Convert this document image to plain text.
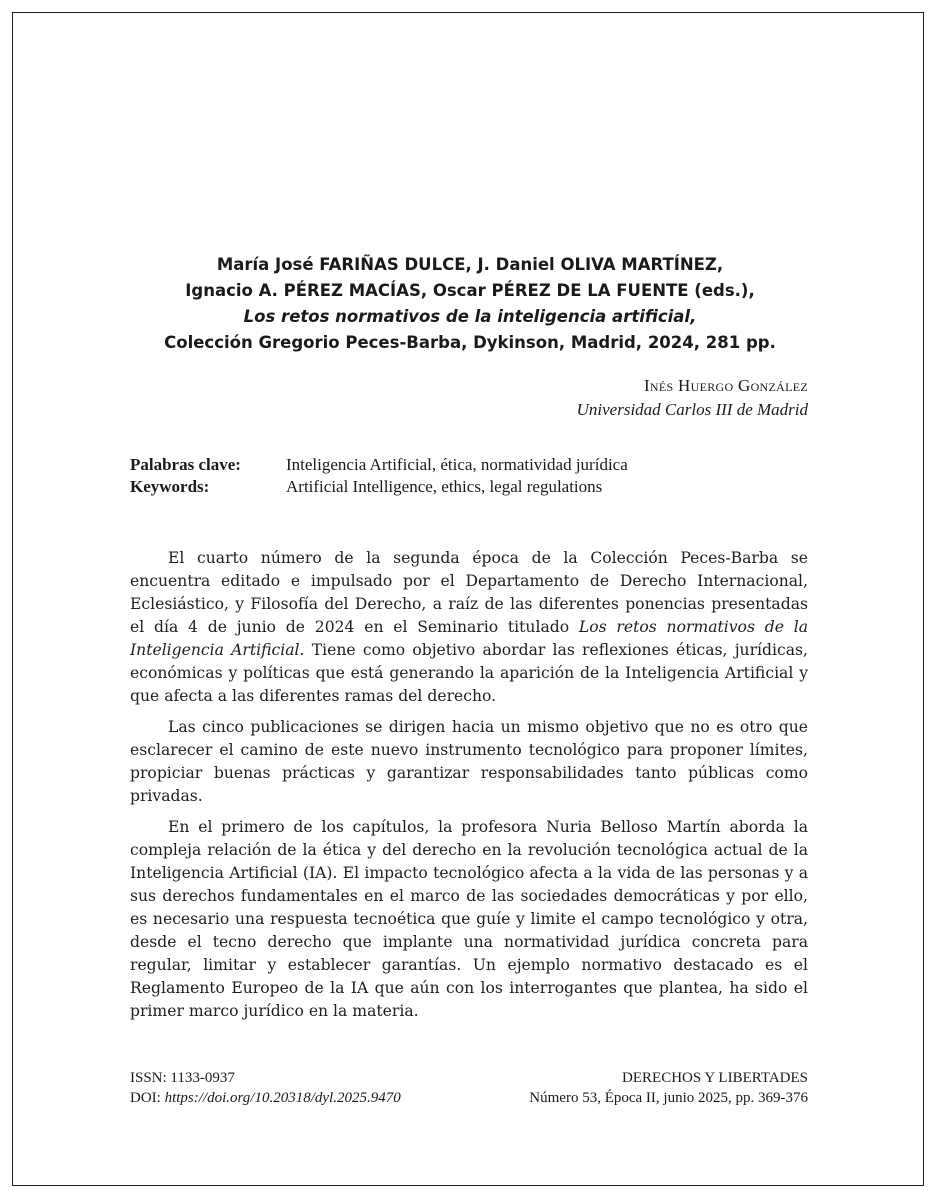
María José FARIÑAS DULCE, J. Daniel OLIVA MARTÍNEZ,
Ignacio A. PÉREZ MACÍAS, Oscar PÉREZ DE LA FUENTE (eds.),
Los retos normativos de la inteligencia artificial,
Colección Gregorio Peces-Barba, Dykinson, Madrid, 2024, 281 pp.
Inés Huergo González
Universidad Carlos III de Madrid
Palabras clave:	Inteligencia Artificial, ética, normatividad jurídica
Keywords:	Artificial Intelligence, ethics, legal regulations

El cuarto número de la segunda época de la Colección Peces-Barba se encuentra editado e impulsado por el Departamento de Derecho Internacional, Eclesiástico, y Filosofía del Derecho, a raíz de las diferentes ponencias presentadas el día 4 de junio de 2024 en el Seminario titulado Los retos normativos de la Inteligencia Artificial. Tiene como objetivo abordar las reflexiones éticas, jurídicas, económicas y políticas que está generando la aparición de la Inteligencia Artificial y que afecta a las diferentes ramas del derecho.

Las cinco publicaciones se dirigen hacia un mismo objetivo que no es otro que esclarecer el camino de este nuevo instrumento tecnológico para proponer límites, propiciar buenas prácticas y garantizar responsabilidades tanto públicas como privadas.

En el primero de los capítulos, la profesora Nuria Belloso Martín aborda la compleja relación de la ética y del derecho en la revolución tecnológica actual de la Inteligencia Artificial (IA). El impacto tecnológico afecta a la vida de las personas y a sus derechos fundamentales en el marco de las sociedades democráticas y por ello, es necesario una respuesta tecnoética que guíe y limite el campo tecnológico y otra, desde el tecno derecho que implante una normatividad jurídica concreta para regular, limitar y establecer garantías. Un ejemplo normativo destacado es el Reglamento Europeo de la IA que aún con los interrogantes que plantea, ha sido el primer marco jurídico en la materia.

ISSN: 1133-0937
DOI: https://doi.org/10.20318/dyl.2025.9470
DERECHOS Y LIBERTADES
Número 53, Época II, junio 2025, pp. 369-376
